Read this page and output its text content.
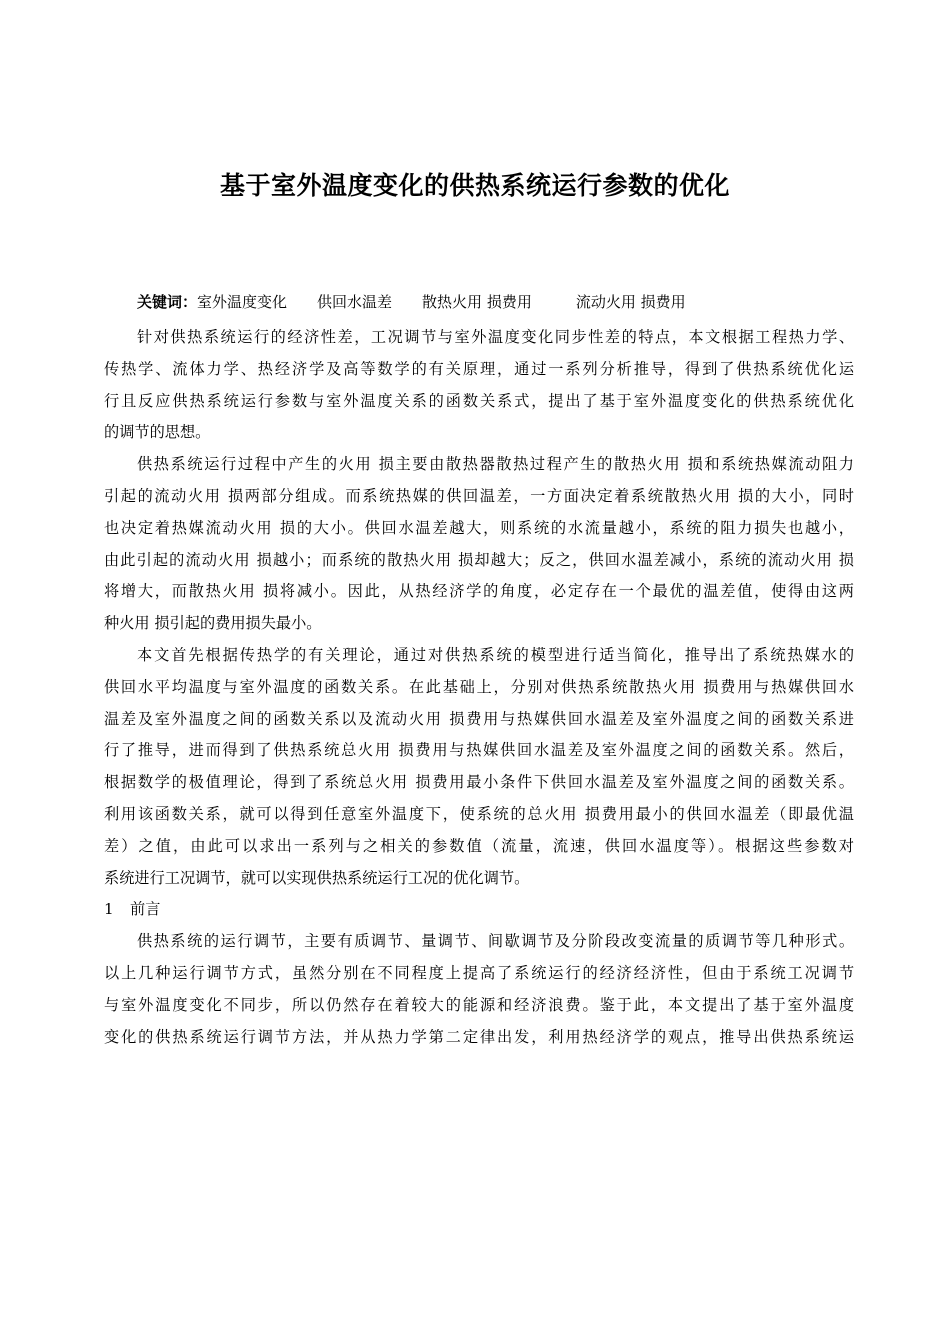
基于室外温度变化的供热系统运行参数的优化
关键词：室外温度变化 供回水温差 散热火用 损费用	流动火用 损费用
针对供热系统运行的经济性差，工况调节与室外温度变化同步性差的特点，本文根据工程热力学、
传热学、流体力学、热经济学及高等数学的有关原理，通过一系列分析推导，得到了供热系统优化运
行且反应供热系统运行参数与室外温度关系的函数关系式，提出了基于室外温度变化的供热系统优化
的调节的思想。
供热系统运行过程中产生的火用 损主要由散热器散热过程产生的散热火用 损和系统热媒流动阻力
引起的流动火用 损两部分组成。而系统热媒的供回温差，一方面决定着系统散热火用 损的大小，同时
也决定着热媒流动火用 损的大小。供回水温差越大，则系统的水流量越小，系统的阻力损失也越小，
由此引起的流动火用 损越小；而系统的散热火用 损却越大；反之，供回水温差减小，系统的流动火用 损
将增大，而散热火用 损将减小。因此，从热经济学的角度，必定存在一个最优的温差值，使得由这两
种火用 损引起的费用损失最小。
本文首先根据传热学的有关理论，通过对供热系统的模型进行适当简化，推导出了系统热媒水的
供回水平均温度与室外温度的函数关系。在此基础上，分别对供热系统散热火用 损费用与热媒供回水
温差及室外温度之间的函数关系以及流动火用 损费用与热媒供回水温差及室外温度之间的函数关系进
行了推导，进而得到了供热系统总火用 损费用与热媒供回水温差及室外温度之间的函数关系。然后，
根据数学的极值理论，得到了系统总火用 损费用最小条件下供回水温差及室外温度之间的函数关系。
利用该函数关系，就可以得到任意室外温度下，使系统的总火用 损费用最小的供回水温差（即最优温
差）之值，由此可以求出一系列与之相关的参数值（流量，流速，供回水温度等）。根据这些参数对
系统进行工况调节，就可以实现供热系统运行工况的优化调节。
1 前言
供热系统的运行调节，主要有质调节、量调节、间歇调节及分阶段改变流量的质调节等几种形式。
以上几种运行调节方式，虽然分别在不同程度上提高了系统运行的经济经济性，但由于系统工况调节
与室外温度变化不同步，所以仍然存在着较大的能源和经济浪费。鉴于此，本文提出了基于室外温度
变化的供热系统运行调节方法，并从热力学第二定律出发，利用热经济学的观点，推导出供热系统运
